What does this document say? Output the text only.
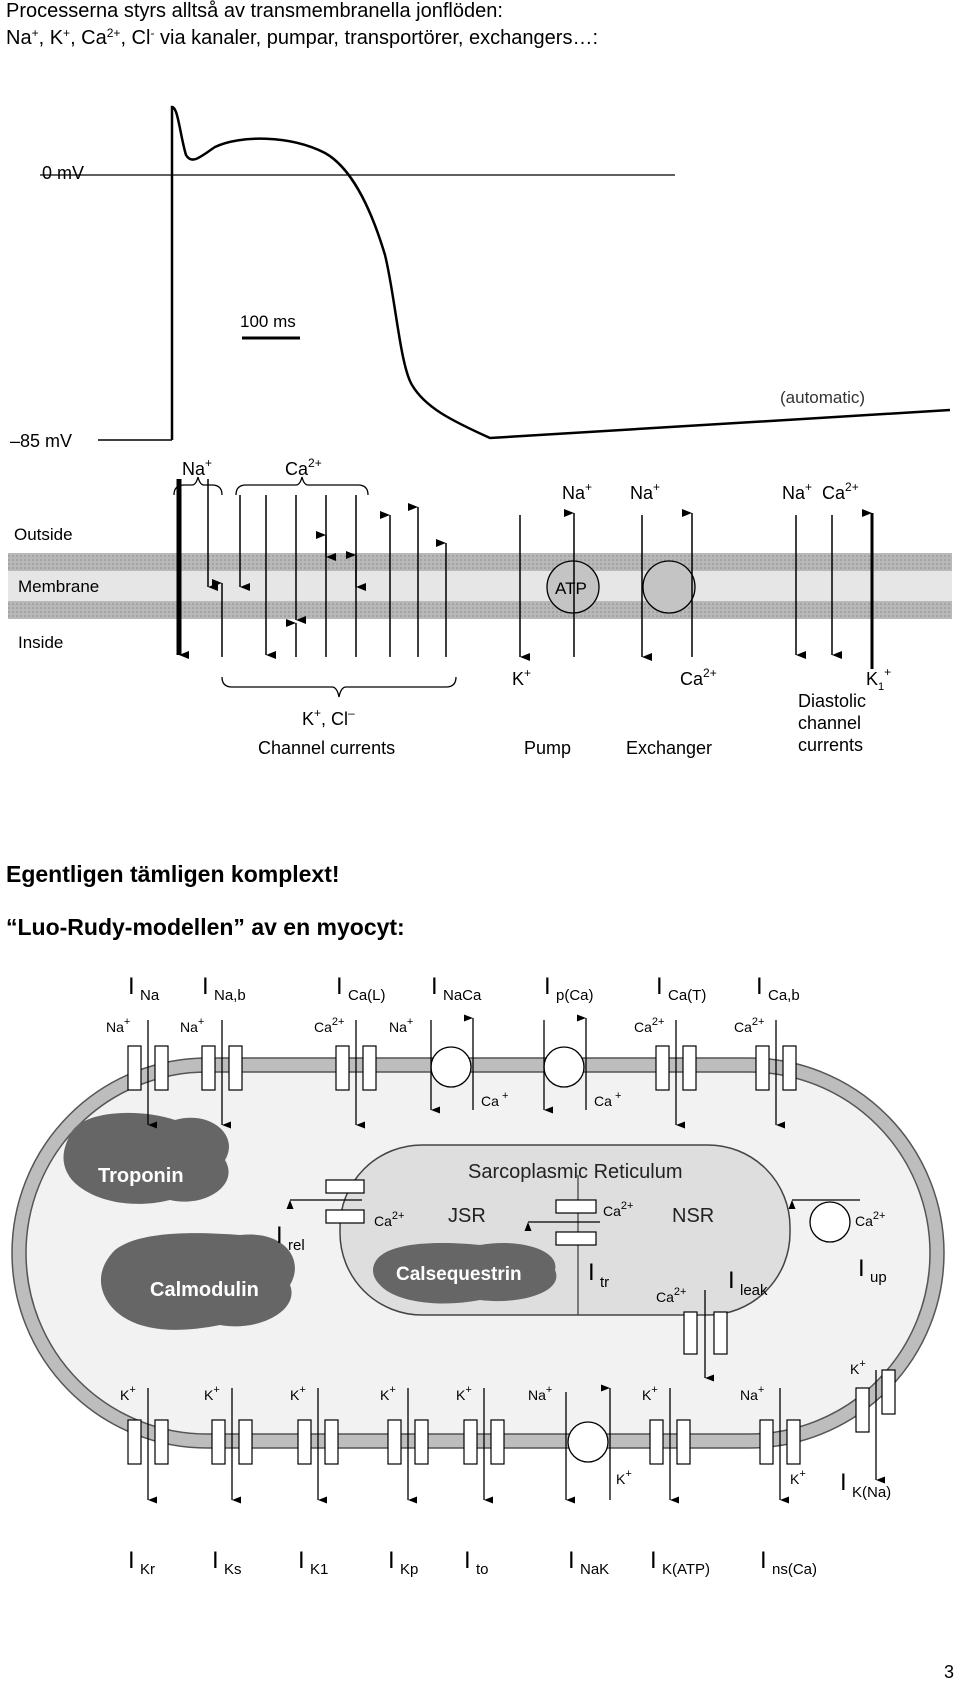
Processerna styrs alltså av transmembranella jonflöden:
Na+, K+, $Ca^{2+}$, Cl- via kanaler, pumpar, transportörer, exchangers…:
0 mV
–85 mV
(automatic)
100 ms
Outside
Membrane
Inside
Na+	$Ca^{2+}$
K+, Cl–
Channel currents
ATP
Na+
K+
Pump
Na+
$Ca^{2+}$
Exchanger
Na+ $Ca^{2+}$
$K_1^+$
Diastolic
channel
currents
Egentligen tämligen komplext!
“Luo-Rudy-modellen” av en myocyt:
Sarcoplasmic Reticulum
JSR	NSR
Troponin
Calmodulin
Calsequestrin
I rel
$Ca^{2+}$	$Ca^{2+}$
I tr
$Ca^{2+}$ I leak
$Ca^{2+}$
I up
I Na
Na+
I Na,b
Na+
I Ca(L)
$Ca^{2+}$
I NaCa
Na+
Ca +
I p(Ca)
Ca +
I Ca(T)
$Ca^{2+}$
I Ca,b
$Ca^{2+}$
I Kr
K+
I Ks
K+
I K1
K+
I Kp
K+
I to
K+
I NaK
Na+
K+
I K(ATP)
K+
I ns(Ca)
Na+
K+
K+
I K(Na)
3
